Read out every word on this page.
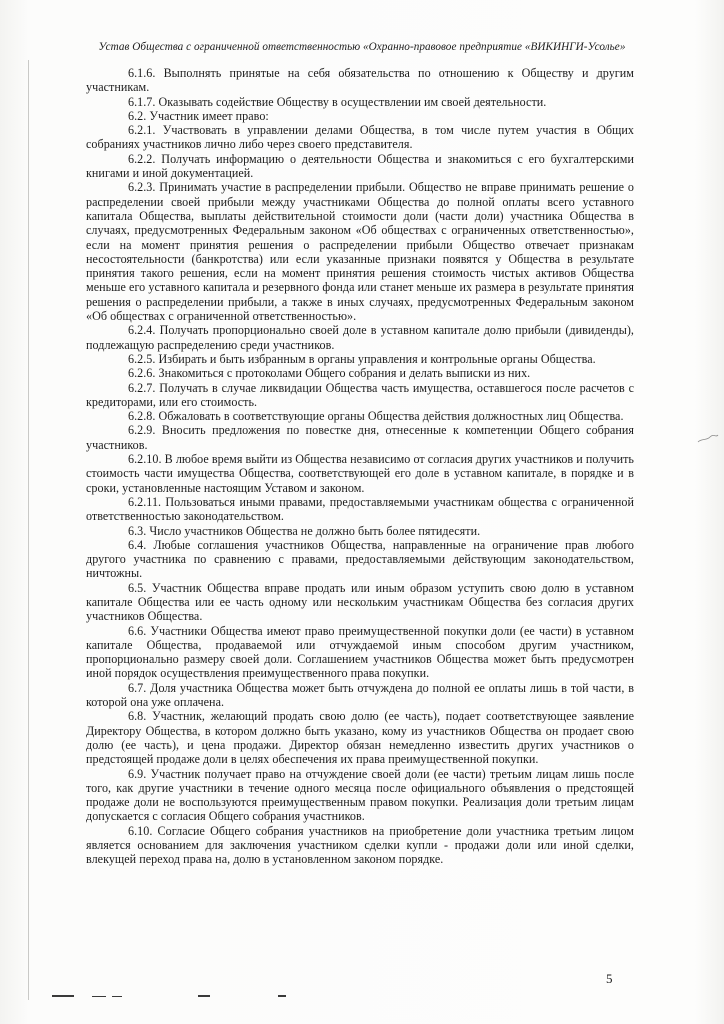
Устав Общества с ограниченной ответственностью «Охранно-правовое предприятие «ВИКИНГИ-Усолье»

6.1.6. Выполнять принятые на себя обязательства по отношению к Обществу и другим участникам.

6.1.7. Оказывать содействие Обществу в осуществлении им своей деятельности.

6.2. Участник имеет право:

6.2.1. Участвовать в управлении делами Общества, в том числе путем участия в Общих собраниях участников лично либо через своего представителя.

6.2.2. Получать информацию о деятельности Общества и знакомиться с его бухгалтерскими книгами и иной документацией.

6.2.3. Принимать участие в распределении прибыли. Общество не вправе принимать решение о распределении своей прибыли между участниками Общества до полной оплаты всего уставного капитала Общества, выплаты действительной стоимости доли (части доли) участника Общества в случаях, предусмотренных Федеральным законом «Об обществах с ограниченных ответственностью», если на момент принятия решения о распределении прибыли Общество отвечает признакам несостоятельности (банкротства) или если указанные признаки появятся у Общества в результате принятия такого решения, если на момент принятия решения стоимость чистых активов Общества меньше его уставного капитала и резервного фонда или станет меньше их размера в результате принятия решения о распределении прибыли, а также в иных случаях, предусмотренных Федеральным законом «Об обществах с ограниченной ответственностью».

6.2.4. Получать пропорционально своей доле в уставном капитале долю прибыли (дивиденды), подлежащую распределению среди участников.

6.2.5. Избирать и быть избранным в органы управления и контрольные органы Общества.

6.2.6. Знакомиться с протоколами Общего собрания и делать выписки из них.

6.2.7. Получать в случае ликвидации Общества часть имущества, оставшегося после расчетов с кредиторами, или его стоимость.

6.2.8. Обжаловать в соответствующие органы Общества действия должностных лиц Общества.

6.2.9. Вносить предложения по повестке дня, отнесенные к компетенции Общего собрания участников.

6.2.10. В любое время выйти из Общества независимо от согласия других участников и получить стоимость части имущества Общества, соответствующей его доле в уставном капитале, в порядке и в сроки, установленные настоящим Уставом и законом.

6.2.11. Пользоваться иными правами, предоставляемыми участникам общества с ограниченной ответственностью законодательством.

6.3. Число участников Общества не должно быть более пятидесяти.

6.4. Любые соглашения участников Общества, направленные на ограничение прав любого другого участника по сравнению с правами, предоставляемыми действующим законодательством, ничтожны.

6.5. Участник Общества вправе продать или иным образом уступить свою долю в уставном капитале Общества или ее часть одному или нескольким участникам Общества без согласия других участников Общества.

6.6. Участники Общества имеют право преимущественной покупки доли (ее части) в уставном капитале Общества, продаваемой или отчуждаемой иным способом другим участником, пропорционально размеру своей доли. Соглашением участников Общества может быть предусмотрен иной порядок осуществления преимущественного права покупки.

6.7. Доля участника Общества может быть отчуждена до полной ее оплаты лишь в той части, в которой она уже оплачена.

6.8. Участник, желающий продать свою долю (ее часть), подает соответствующее заявление Директору Общества, в котором должно быть указано, кому из участников Общества он продает свою долю (ее часть), и цена продажи. Директор обязан немедленно известить других участников о предстоящей продаже доли в целях обеспечения их права преимущественной покупки.

6.9. Участник получает право на отчуждение своей доли (ее части) третьим лицам лишь после того, как другие участники в течение одного месяца после официального объявления о предстоящей продаже доли не воспользуются преимущественным правом покупки. Реализация доли третьим лицам допускается с согласия Общего собрания участников.

6.10. Согласие Общего собрания участников на приобретение доли участника третьим лицом является основанием для заключения участником сделки купли - продажи доли или иной сделки, влекущей переход права на, долю в установленном законом порядке.

5
